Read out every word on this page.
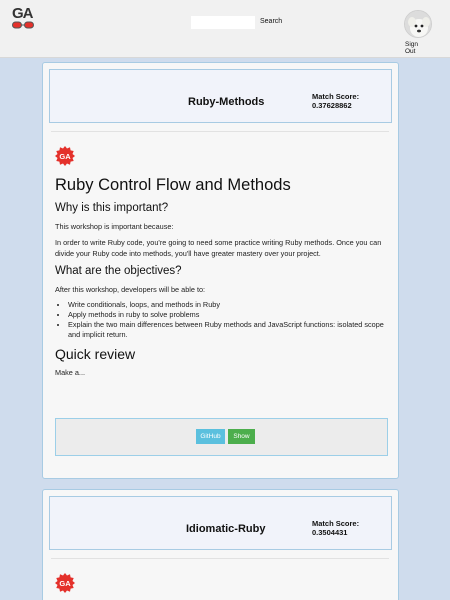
GA	Search
Sign
Out
Ruby-Methods	Match Score:
0.37628862
GA
Ruby Control Flow and Methods
Why is this important?

This workshop is important because:

In order to write Ruby code, you're going to need some practice writing Ruby methods. Once you can divide your Ruby code into methods, you'll have greater mastery over your project.

What are the objectives?

After this workshop, developers will be able to:

• Write conditionals, loops, and methods in Ruby
• Apply methods in ruby to solve problems
• Explain the two main differences between Ruby methods and JavaScript functions: isolated scope and implicit return.
Quick review

Make a...

GitHub	Show
Idiomatic-Ruby	Match Score:
0.3504431
GA
